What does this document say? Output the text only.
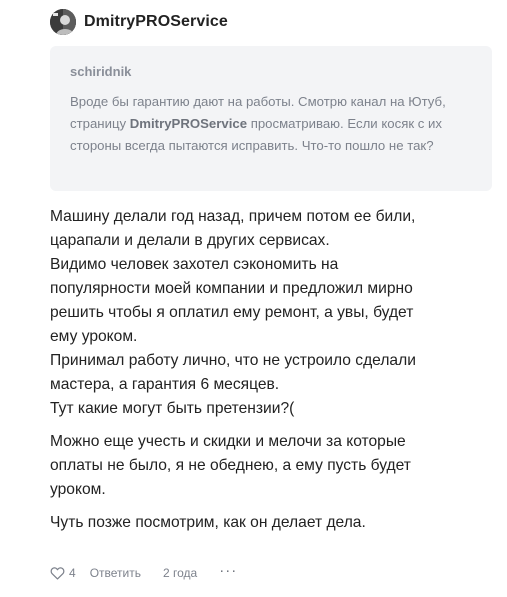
DmitryPROService
schiridnik
Вроде бы гарантию дают на работы. Смотрю канал на Ютуб, страницу DmitryPROService просматриваю. Если косяк с их стороны всегда пытаются исправить. Что-то пошло не так?

Машину делали год назад, причем потом ее били,
царапали и делали в других сервисах.
Видимо человек захотел сэкономить на
популярности моей компании и предложил мирно
решить чтобы я оплатил ему ремонт, а увы, будет
ему уроком.
Принимал работу лично, что не устроило сделали
мастера, а гарантия 6 месяцев.
Тут какие могут быть претензии?(

Можно еще учесть и скидки и мелочи за которые
оплаты не было, я не обеднею, а ему пусть будет
уроком.

Чуть позже посмотрим, как он делает дела.

4 Ответить 2 года ···
